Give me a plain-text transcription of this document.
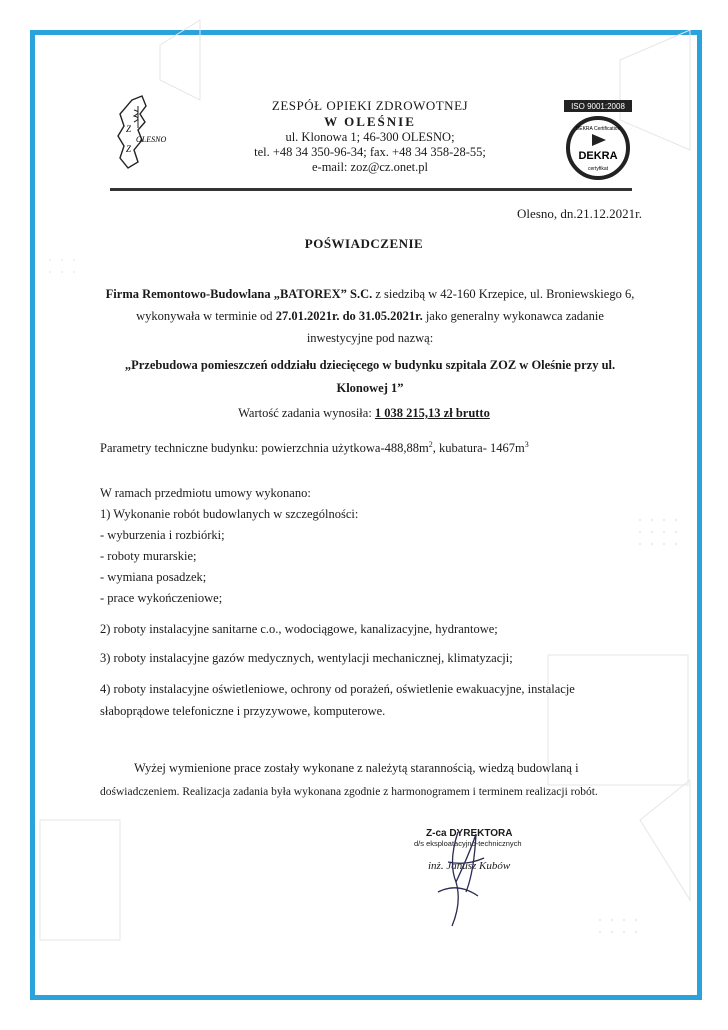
Z
Z
OLESNO
ZESPÓŁ OPIEKI ZDROWOTNEJ
W OLEŚNIE
ul. Klonowa 1; 46-300 OLESNO;
tel. +48 34 350-96-34; fax. +48 34 358-28-55;
e-mail: zoz@cz.onet.pl
ISO 9001:2008
DEKRA Certification
DEKRA
certyfikat
Olesno, dn.21.12.2021r.
POŚWIADCZENIE
Firma Remontowo-Budowlana „BATOREX” S.C. z siedzibą w 42-160 Krzepice, ul. Broniewskiego 6,
wykonywała w terminie od 27.01.2021r. do 31.05.2021r. jako generalny wykonawca zadanie
inwestycyjne pod nazwą:
„Przebudowa pomieszczeń oddziału dziecięcego w budynku szpitala ZOZ w Oleśnie przy ul.
Klonowej 1”
Wartość zadania wynosiła: 1 038 215,13 zł brutto
Parametry techniczne budynku: powierzchnia użytkowa-$488,88m^2$, kubatura- $1467m^3$
W ramach przedmiotu umowy wykonano:
1) Wykonanie robót budowlanych w szczególności:
- wyburzenia i rozbiórki;
- roboty murarskie;
- wymiana posadzek;
- prace wykończeniowe;
2) roboty instalacyjne sanitarne c.o., wodociągowe, kanalizacyjne, hydrantowe;
3) roboty instalacyjne gazów medycznych, wentylacji mechanicznej, klimatyzacji;
4) roboty instalacyjne oświetleniowe, ochrony od porażeń, oświetlenie ewakuacyjne, instalacje
słaboprądowe telefoniczne i przyzywowe, komputerowe.
Wyżej wymienione prace zostały wykonane z należytą starannością, wiedzą budowlaną i
doświadczeniem. Realizacja zadania była wykonana zgodnie z harmonogramem i terminem realizacji robót.
Z-ca DYREKTORA
d/s eksploatacyjno-technicznych
inż. Janusz Kubów
